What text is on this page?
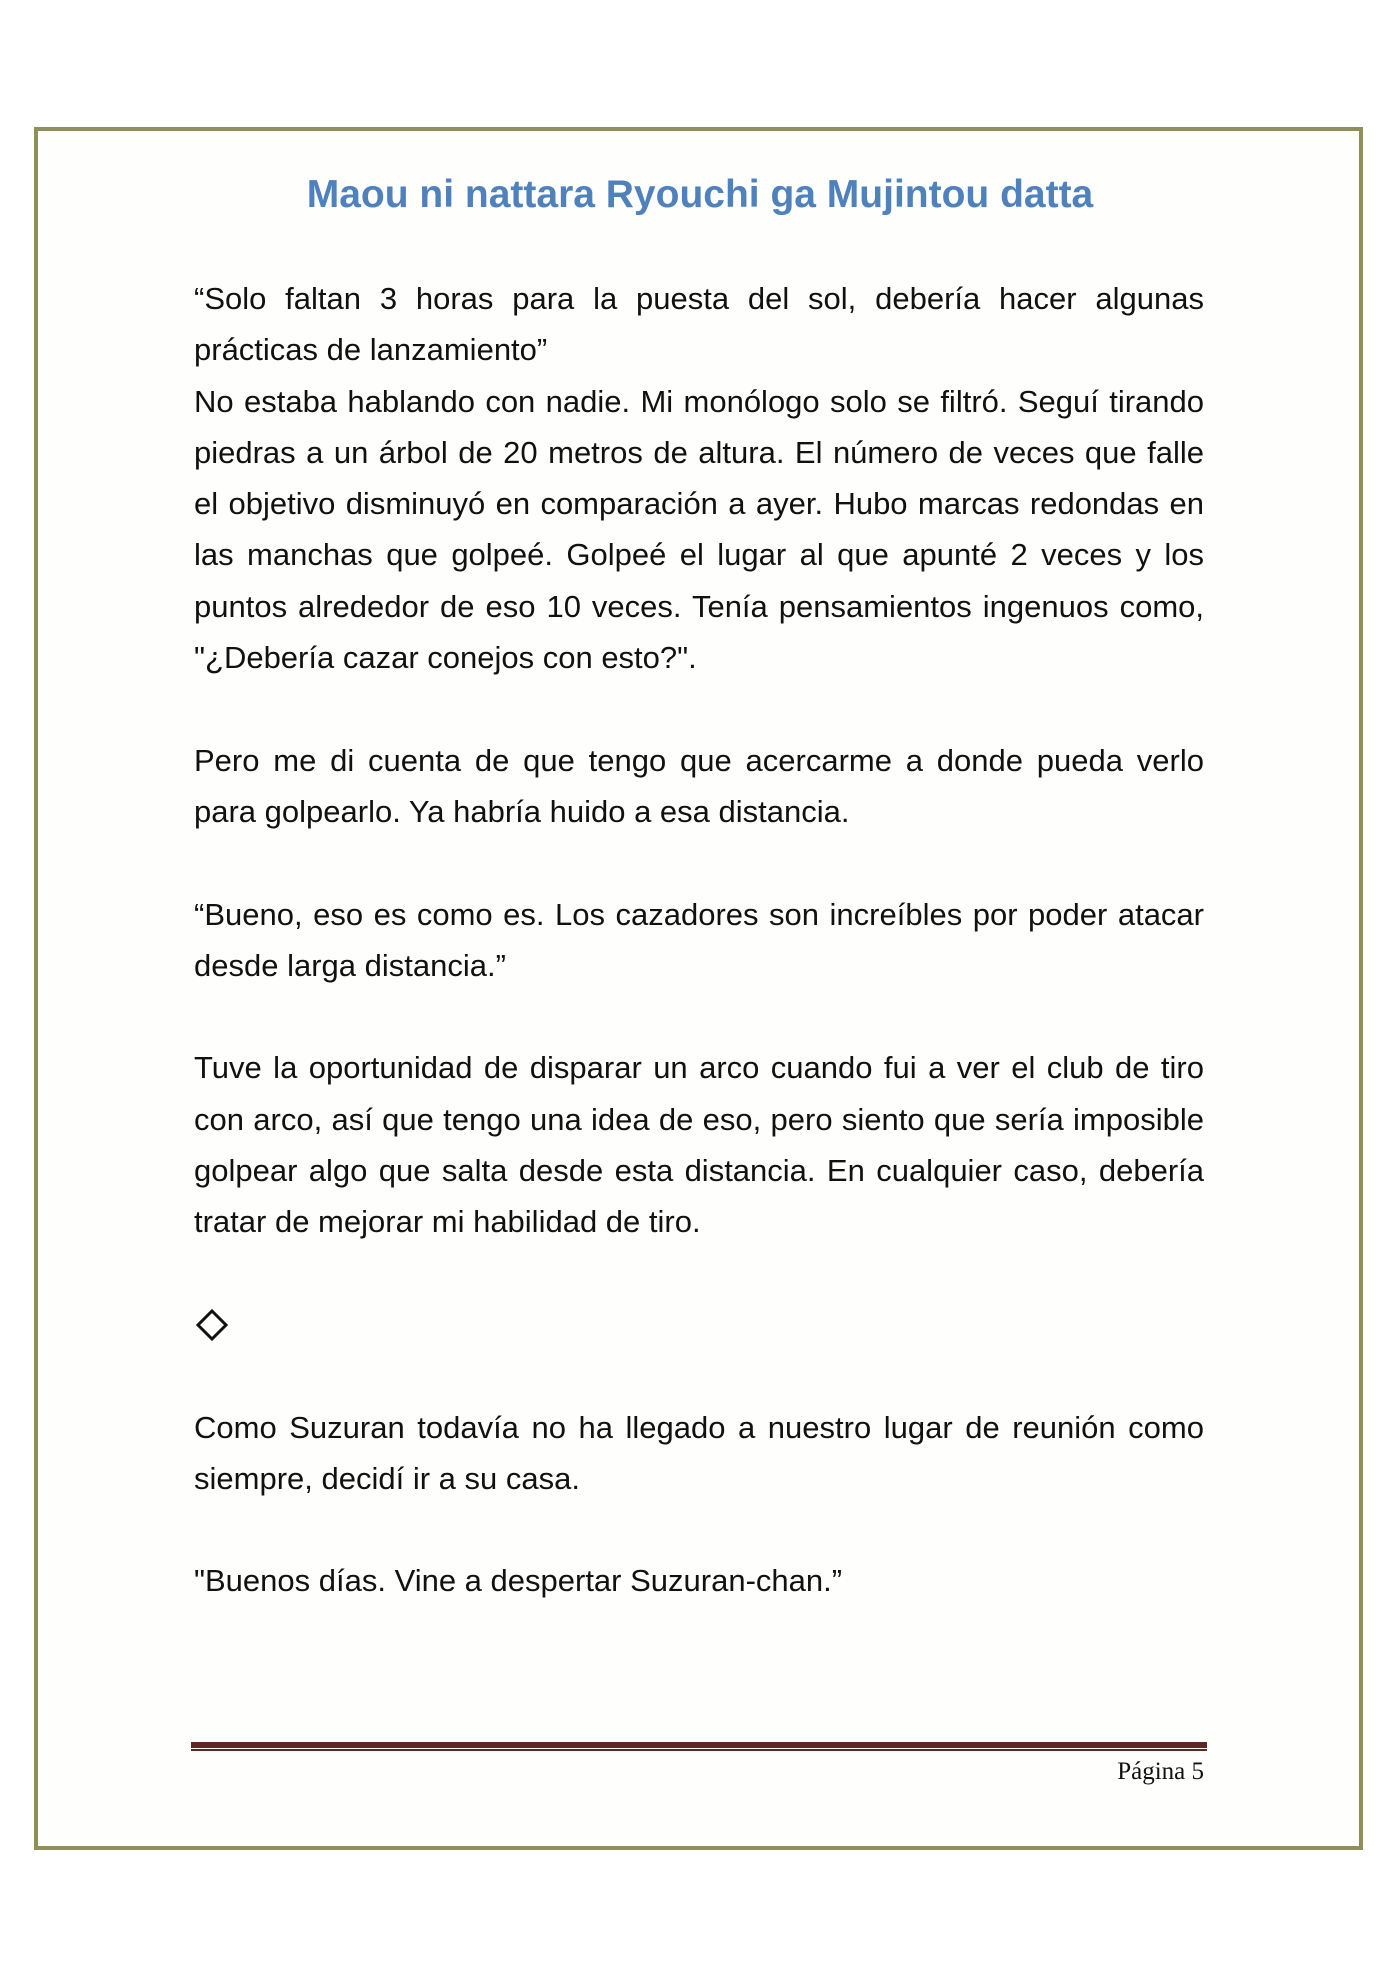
Maou ni nattara Ryouchi ga Mujintou datta

“Solo faltan 3 horas para la puesta del sol, debería hacer algunas prácticas de lanzamiento”

No estaba hablando con nadie. Mi monólogo solo se filtró. Seguí tirando piedras a un árbol de 20 metros de altura. El número de veces que falle el objetivo disminuyó en comparación a ayer. Hubo marcas redondas en las manchas que golpeé. Golpeé el lugar al que apunté 2 veces y los puntos alrededor de eso 10 veces. Tenía pensamientos ingenuos como, "¿Debería cazar conejos con esto?".

Pero me di cuenta de que tengo que acercarme a donde pueda verlo para golpearlo. Ya habría huido a esa distancia.

“Bueno, eso es como es. Los cazadores son increíbles por poder atacar desde larga distancia.”

Tuve la oportunidad de disparar un arco cuando fui a ver el club de tiro con arco, así que tengo una idea de eso, pero siento que sería imposible golpear algo que salta desde esta distancia. En cualquier caso, debería tratar de mejorar mi habilidad de tiro.

Como Suzuran todavía no ha llegado a nuestro lugar de reunión como siempre, decidí ir a su casa.

"Buenos días. Vine a despertar Suzuran-chan.”

Página 5
